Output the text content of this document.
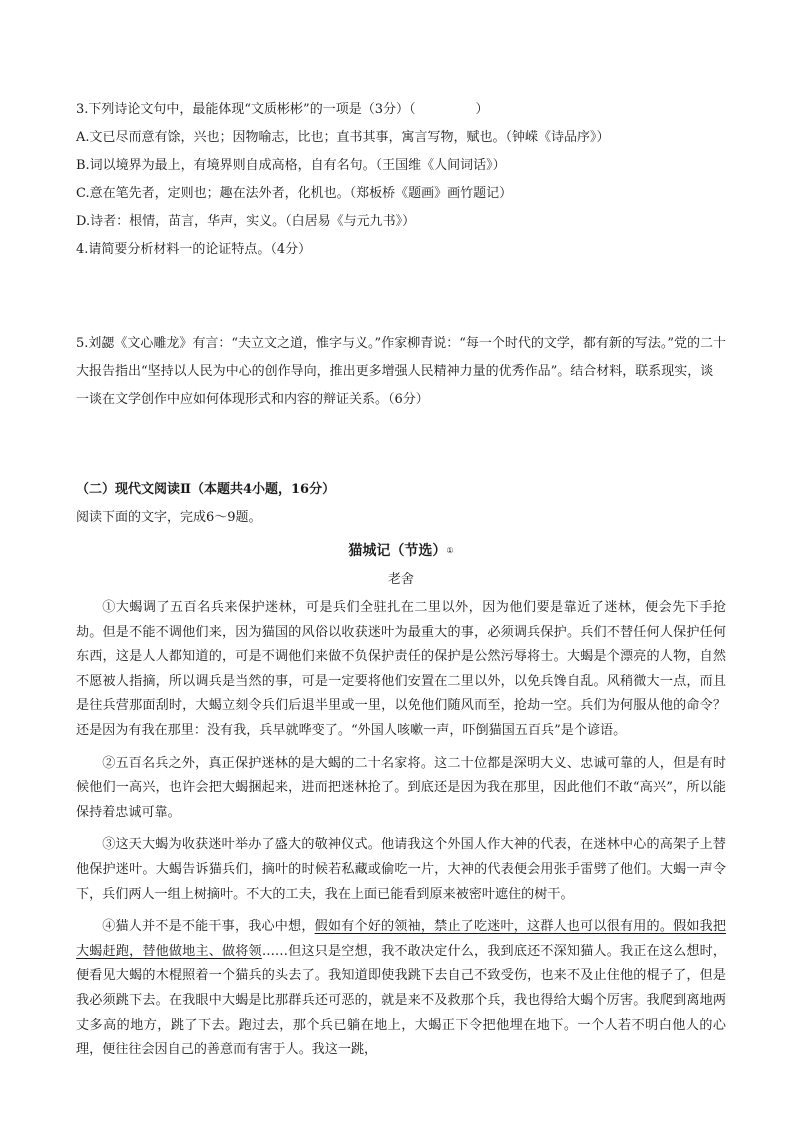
3.下列诗论文句中，最能体现“文质彬彬”的一项是（3分）（	）

A.文已尽而意有馀，兴也；因物喻志，比也；直书其事，寓言写物，赋也。（钟嵘《诗品序》）

B.词以境界为最上，有境界则自成高格，自有名句。（王国维《人间词话》）

C.意在笔先者，定则也；趣在法外者，化机也。（郑板桥《题画》画竹题记）

D.诗者：根情，苗言，华声，实义。（白居易《与元九书》）

4.请简要分析材料一的论证特点。（4分）

5.刘勰《文心雕龙》有言：“夫立文之道，惟字与义。”作家柳青说：“每一个时代的文学，都有新的写法。”党的二十大报告指出“坚持以人民为中心的创作导向，推出更多增强人民精神力量的优秀作品”。结合材料，联系现实，谈一谈在文学创作中应如何体现形式和内容的辩证关系。（6分）

（二）现代文阅读Ⅱ（本题共4小题，16分）

阅读下面的文字，完成6～9题。

猫城记（节选）①

老舍

①大蝎调了五百名兵来保护迷林，可是兵们全驻扎在二里以外，因为他们要是靠近了迷林，便会先下手抢劫。但是不能不调他们来，因为猫国的风俗以收获迷叶为最重大的事，必须调兵保护。兵们不替任何人保护任何东西，这是人人都知道的，可是不调他们来做不负保护责任的保护是公然污辱将士。大蝎是个漂亮的人物，自然不愿被人指摘，所以调兵是当然的事，可是一定要将他们安置在二里以外，以免兵馋自乱。风稍微大一点，而且是往兵营那面刮时，大蝎立刻令兵们后退半里或一里，以免他们随风而至，抢劫一空。兵们为何服从他的命令？还是因为有我在那里：没有我，兵早就哗变了。“外国人咳嗽一声，吓倒猫国五百兵”是个谚语。

②五百名兵之外，真正保护迷林的是大蝎的二十名家将。这二十位都是深明大义、忠诚可靠的人，但是有时候他们一高兴，也许会把大蝎捆起来，进而把迷林抢了。到底还是因为我在那里，因此他们不敢“高兴”，所以能保持着忠诚可靠。

③这天大蝎为收获迷叶举办了盛大的敬神仪式。他请我这个外国人作大神的代表，在迷林中心的高架子上替他保护迷叶。大蝎告诉猫兵们，摘叶的时候若私藏或偷吃一片，大神的代表便会用张手雷劈了他们。大蝎一声令下，兵们两人一组上树摘叶。不大的工夫，我在上面已能看到原来被密叶遮住的树干。

④猫人并不是不能干事，我心中想，假如有个好的领袖，禁止了吃迷叶，这群人也可以很有用的。假如我把大蝎赶跑，替他做地主、做将领……但这只是空想，我不敢决定什么，我到底还不深知猫人。我正在这么想时，便看见大蝎的木棍照着一个猫兵的头去了。我知道即使我跳下去自己不致受伤，也来不及止住他的棍子了，但是我必须跳下去。在我眼中大蝎是比那群兵还可恶的，就是来不及救那个兵，我也得给大蝎个厉害。我爬到离地两丈多高的地方，跳了下去。跑过去，那个兵已躺在地上，大蝎正下令把他埋在地下。一个人若不明白他人的心理，便往往会因自己的善意而有害于人。我这一跳，
